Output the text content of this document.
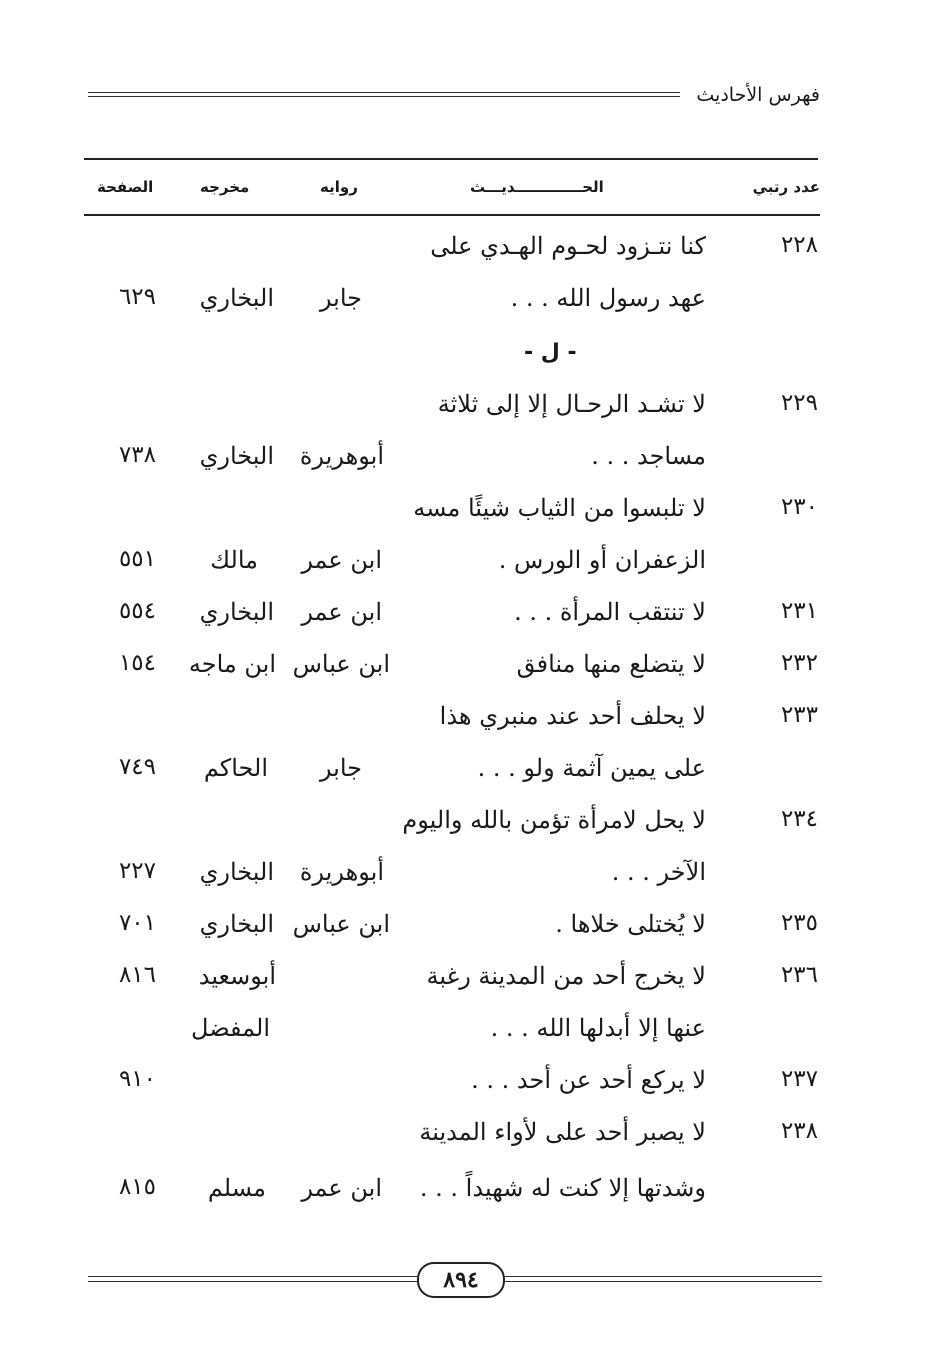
فهرس الأحاديث
عدد رتبي
الحـــــــــــــديـــث
روايه
مخرجه
الصفحة
٢٢٨
كنا نتـزود لحـوم الهـدي على
عهد رسول الله . . .
جابر
البخاري
٦٢٩
- ل -
٢٢٩
لا تشـد الرحـال إلا إلى ثلاثة
مساجد . . .
أبوهريرة
البخاري
٧٣٨
٢٣٠
لا تلبسوا من الثياب شيئًا مسه
الزعفران أو الورس .
ابن عمر
مالك
٥٥١
٢٣١
لا تنتقب المرأة . . .
ابن عمر
البخاري
٥٥٤
٢٣٢
لا يتضلع منها منافق
ابن عباس
ابن ماجه
١٥٤
٢٣٣
لا يحلف أحد عند منبري هذا
على يمين آثمة ولو . . .
جابر
الحاكم
٧٤٩
٢٣٤
لا يحل لامرأة تؤمن بالله واليوم
الآخر . . .
أبوهريرة
البخاري
٢٢٧
٢٣٥
لا يُختلى خلاها .
ابن عباس
البخاري
٧٠١
٢٣٦
لا يخرج أحد من المدينة رغبة
عنها إلا أبدلها الله . . .
أبوسعيد
المفضل
٨١٦
٢٣٧
لا يركع أحد عن أحد . . .
٩١٠
٢٣٨
لا يصبر أحد على لأواء المدينة
وشدتها إلا كنت له شهيداً . . .
ابن عمر
مسلم
٨١٥
٨٩٤
